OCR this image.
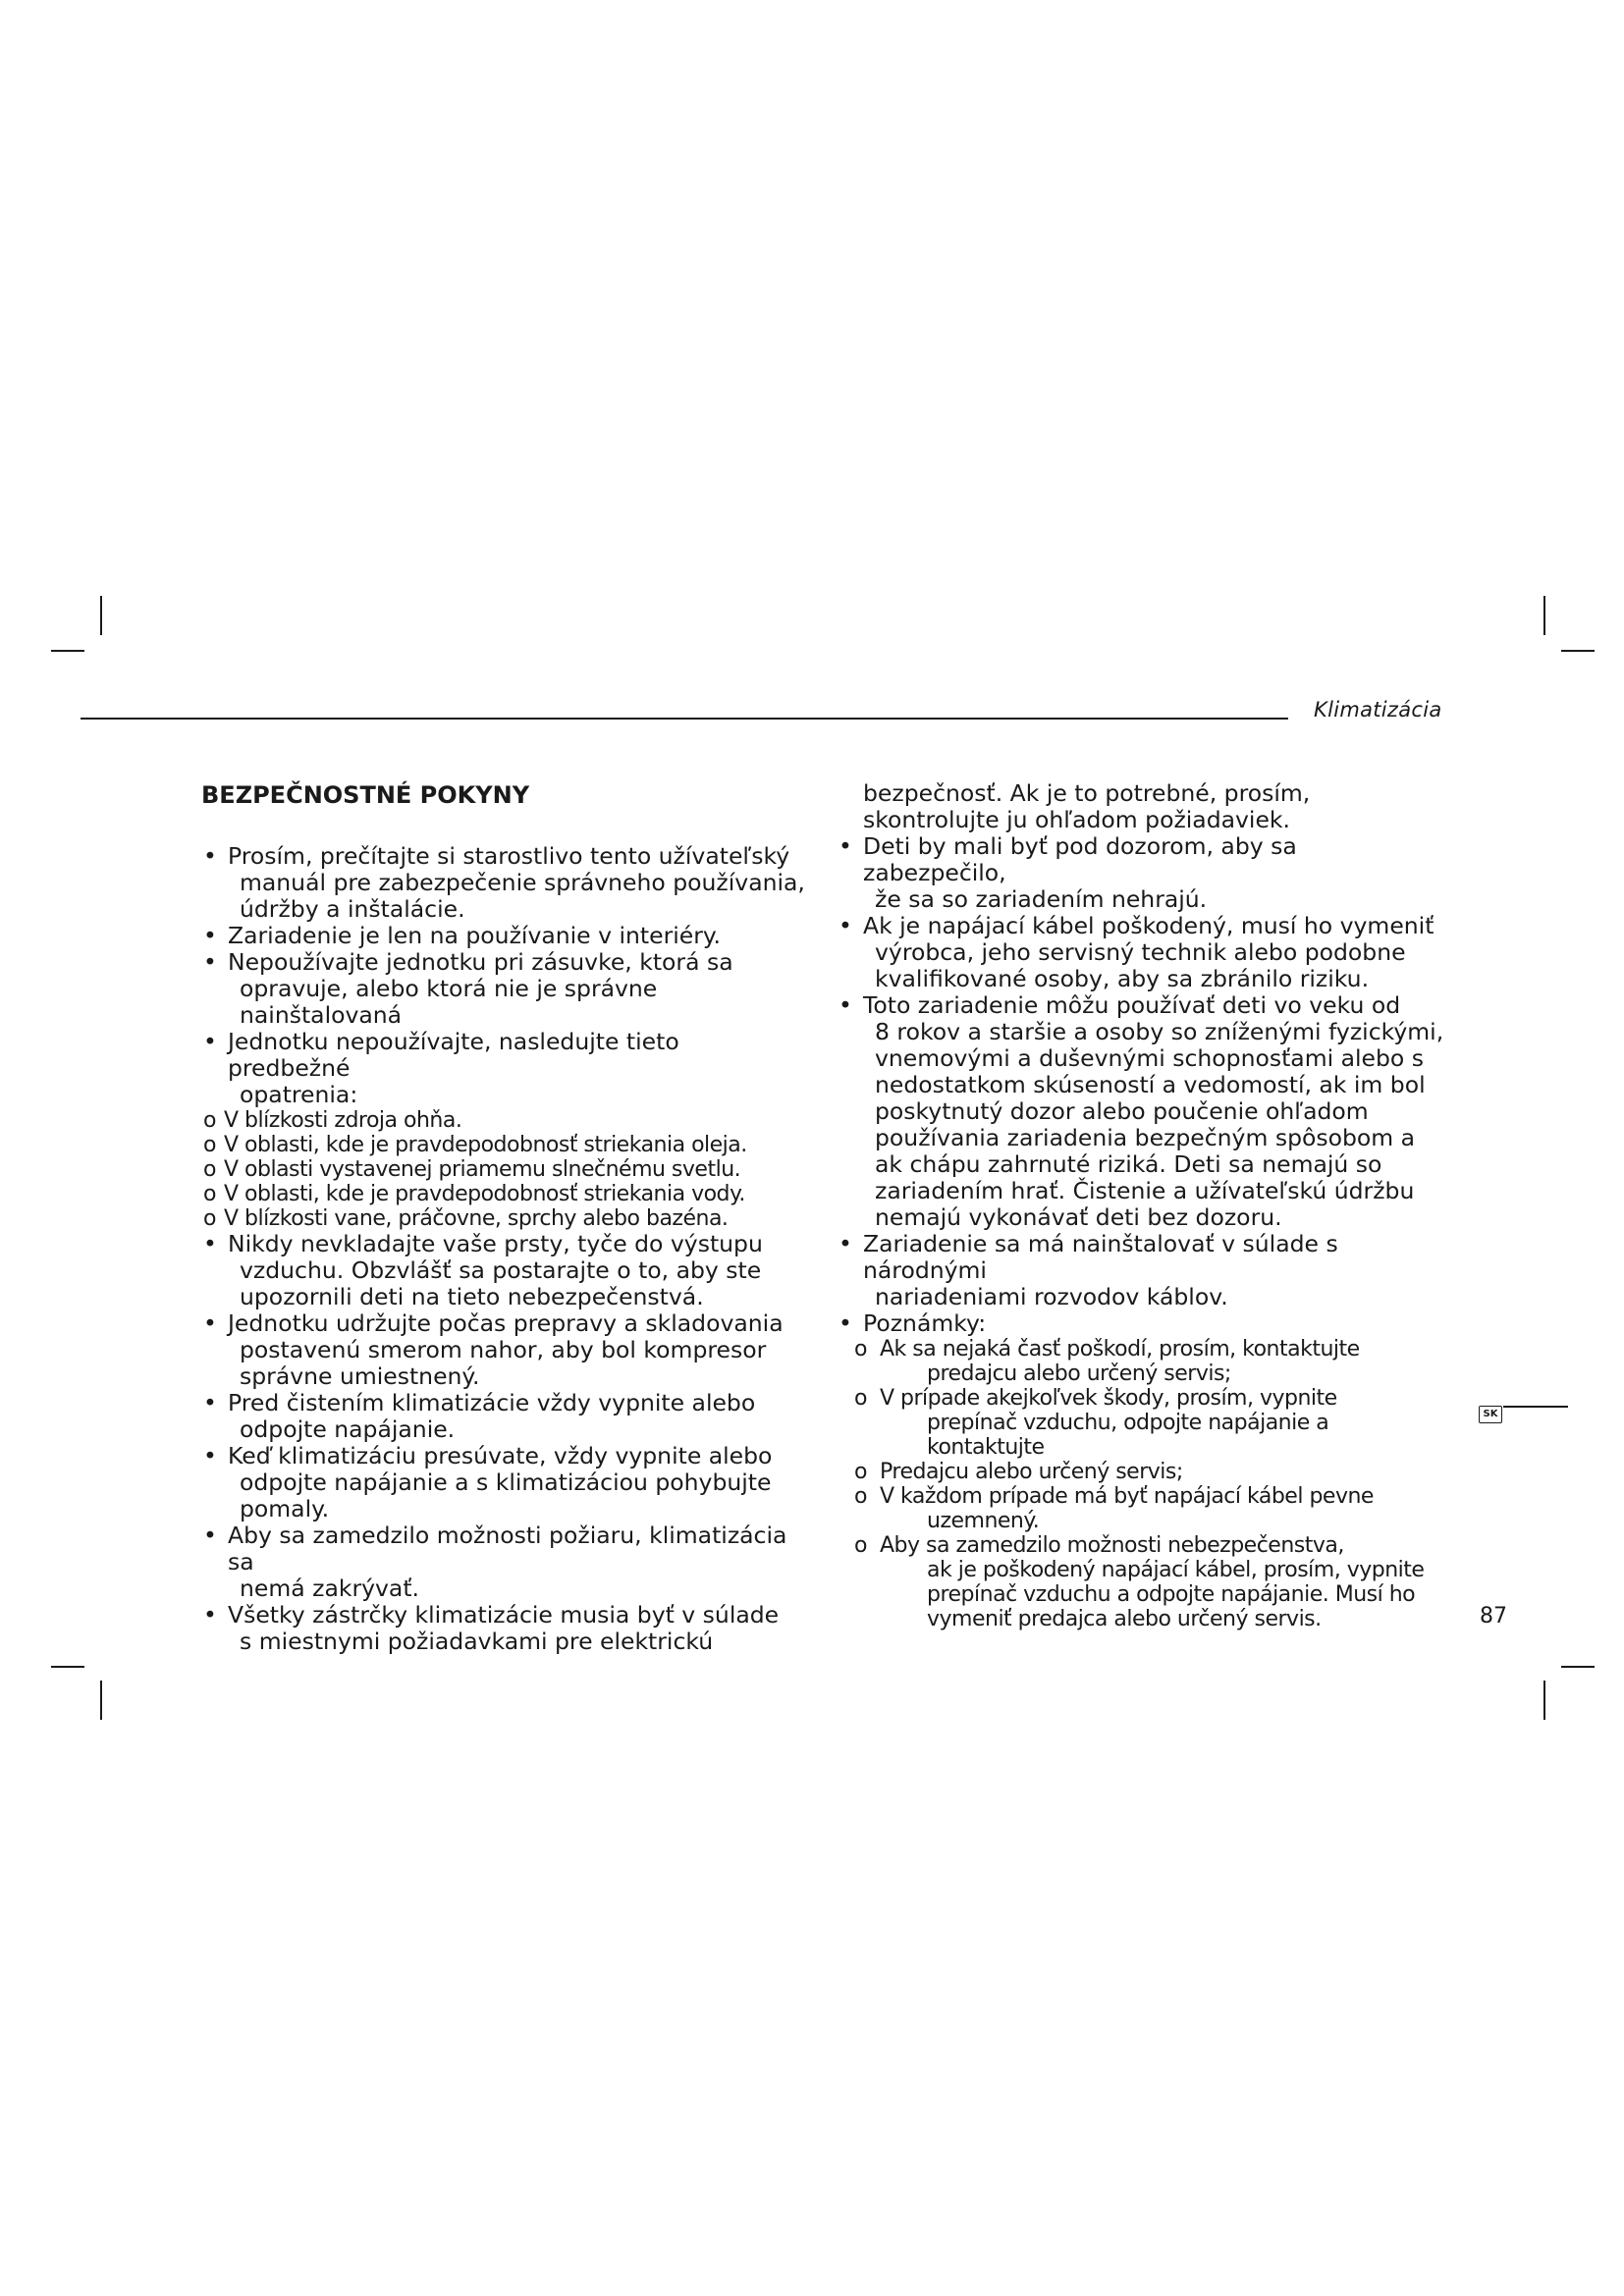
Klimatizácia
BEZPEČNOSTNÉ POKYNY
• Prosím, prečítajte si starostlivo tento užívateľský
manuál pre zabezpečenie správneho používania, údržby a inštalácie.
• Zariadenie je len na používanie v interiéry.
• Nepoužívajte jednotku pri zásuvke, ktorá sa
opravuje, alebo ktorá nie je správne nainštalovaná
• Jednotku nepoužívajte, nasledujte tieto predbežné
opatrenia:
o V blízkosti zdroja ohňa.
o V oblasti, kde je pravdepodobnosť striekania oleja.
o V oblasti vystavenej priamemu slnečnému svetlu.
o V oblasti, kde je pravdepodobnosť striekania vody.
o V blízkosti vane, práčovne, sprchy alebo bazéna.
• Nikdy nevkladajte vaše prsty, tyče do výstupu
vzduchu. Obzvlášť sa postarajte o to, aby ste upozornili deti na tieto nebezpečenstvá.
• Jednotku udržujte počas prepravy a skladovania
postavenú smerom nahor, aby bol kompresor správne umiestnený.
• Pred čistením klimatizácie vždy vypnite alebo
odpojte napájanie.
• Keď klimatizáciu presúvate, vždy vypnite alebo
odpojte napájanie a s klimatizáciou pohybujte pomaly.
• Aby sa zamedzilo možnosti požiaru, klimatizácia sa
nemá zakrývať.
• Všetky zástrčky klimatizácie musia byť v súlade
s miestnymi požiadavkami pre elektrickú
bezpečnosť. Ak je to potrebné, prosím, skontrolujte ju ohľadom požiadaviek.
• Deti by mali byť pod dozorom, aby sa zabezpečilo,
že sa so zariadením nehrajú.
• Ak je napájací kábel poškodený, musí ho vymeniť
výrobca, jeho servisný technik alebo podobne kvalifikované osoby, aby sa zbránilo riziku.
• Toto zariadenie môžu používať deti vo veku od
8 rokov a staršie a osoby so zníženými fyzickými, vnemovými a duševnými schopnosťami alebo s nedostatkom skúseností a vedomostí, ak im bol poskytnutý dozor alebo poučenie ohľadom používania zariadenia bezpečným spôsobom a ak chápu zahrnuté riziká. Deti sa nemajú so zariadením hrať. Čistenie a užívateľskú údržbu nemajú vykonávať deti bez dozoru.
• Zariadenie sa má nainštalovať v súlade s národnými
nariadeniami rozvodov káblov.
• Poznámky:
o Ak sa nejaká časť poškodí, prosím, kontaktujte
predajcu alebo určený servis;
o V prípade akejkoľvek škody, prosím, vypnite
prepínač vzduchu, odpojte napájanie a kontaktujte
o Predajcu alebo určený servis;
o V každom prípade má byť napájací kábel pevne
uzemnený.
o Aby sa zamedzilo možnosti nebezpečenstva,
ak je poškodený napájací kábel, prosím, vypnite prepínač vzduchu a odpojte napájanie. Musí ho vymeniť predajca alebo určený servis.
SK
87
